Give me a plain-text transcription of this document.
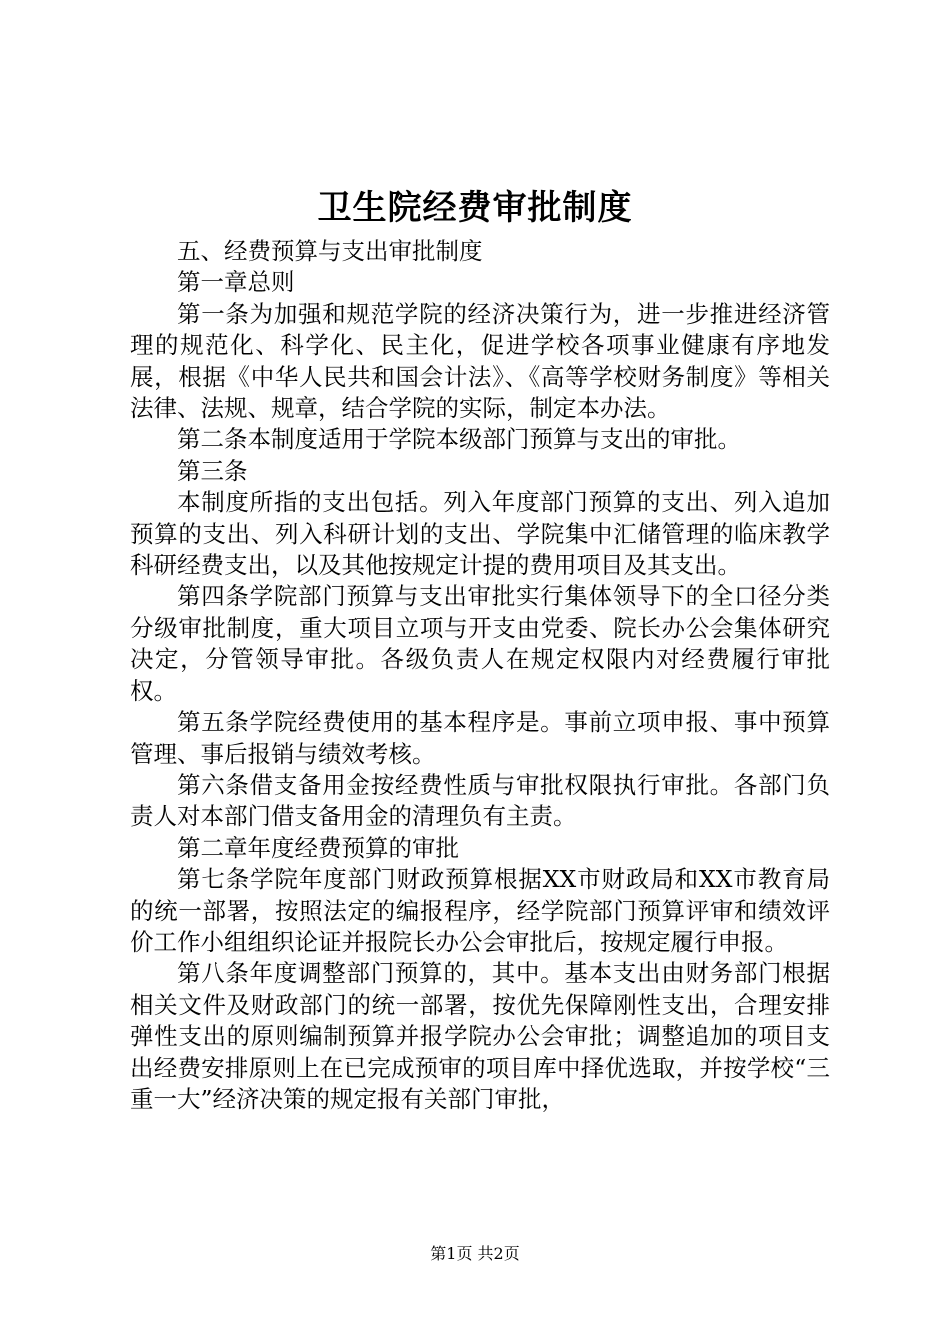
卫生院经费审批制度

五、经费预算与支出审批制度

第一章总则

第一条为加强和规范学院的经济决策行为，进一步推进经济管理的规范化、科学化、民主化，促进学校各项事业健康有序地发展，根据《中华人民共和国会计法》、《高等学校财务制度》等相关法律、法规、规章，结合学院的实际，制定本办法。

第二条本制度适用于学院本级部门预算与支出的审批。

第三条

本制度所指的支出包括。列入年度部门预算的支出、列入追加预算的支出、列入科研计划的支出、学院集中汇储管理的临床教学科研经费支出，以及其他按规定计提的费用项目及其支出。

第四条学院部门预算与支出审批实行集体领导下的全口径分类分级审批制度，重大项目立项与开支由党委、院长办公会集体研究决定，分管领导审批。各级负责人在规定权限内对经费履行审批权。

第五条学院经费使用的基本程序是。事前立项申报、事中预算管理、事后报销与绩效考核。

第六条借支备用金按经费性质与审批权限执行审批。各部门负责人对本部门借支备用金的清理负有主责。

第二章年度经费预算的审批

第七条学院年度部门财政预算根据XX市财政局和XX市教育局的统一部署，按照法定的编报程序，经学院部门预算评审和绩效评价工作小组组织论证并报院长办公会审批后，按规定履行申报。

第八条年度调整部门预算的，其中。基本支出由财务部门根据相关文件及财政部门的统一部署，按优先保障刚性支出，合理安排弹性支出的原则编制预算并报学院办公会审批；调整追加的项目支出经费安排原则上在已完成预审的项目库中择优选取，并按学校“三重一大”经济决策的规定报有关部门审批，

第1页 共2页
